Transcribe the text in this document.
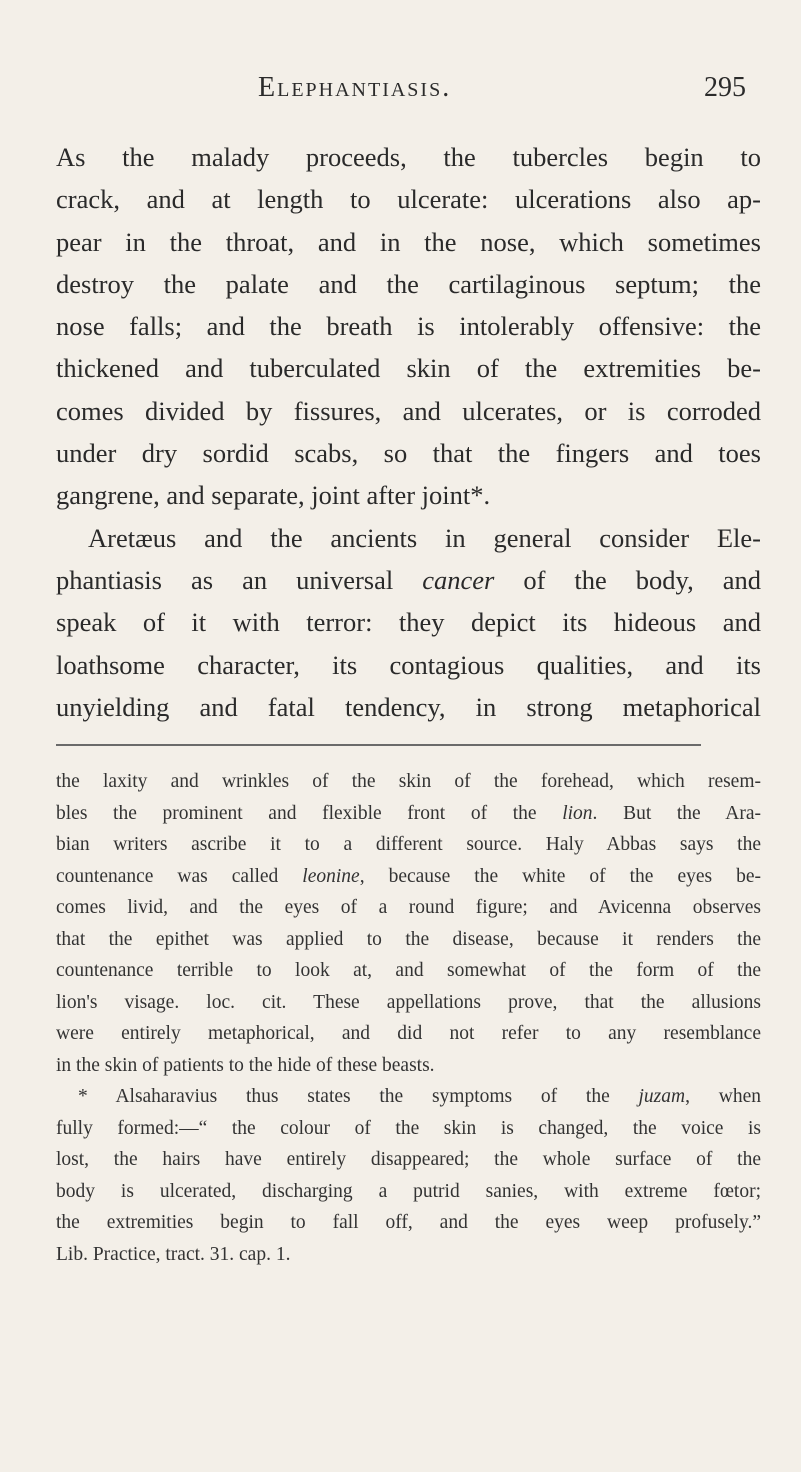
Elephantiasis.	295
As the malady proceeds, the tubercles begin to
crack, and at length to ulcerate: ulcerations also ap-
pear in the throat, and in the nose, which sometimes
destroy the palate and the cartilaginous septum; the
nose falls; and the breath is intolerably offensive: the
thickened and tuberculated skin of the extremities be-
comes divided by fissures, and ulcerates, or is corroded
under dry sordid scabs, so that the fingers and toes
gangrene, and separate, joint after joint*.
Aretæus and the ancients in general consider Ele-
phantiasis as an universal cancer of the body, and
speak of it with terror: they depict its hideous and
loathsome character, its contagious qualities, and its
unyielding and fatal tendency, in strong metaphorical
the laxity and wrinkles of the skin of the forehead, which resem-
bles the prominent and flexible front of the lion. But the Ara-
bian writers ascribe it to a different source. Haly Abbas says the
countenance was called leonine, because the white of the eyes be-
comes livid, and the eyes of a round figure; and Avicenna observes
that the epithet was applied to the disease, because it renders the
countenance terrible to look at, and somewhat of the form of the
lion's visage. loc. cit. These appellations prove, that the allusions
were entirely metaphorical, and did not refer to any resemblance
in the skin of patients to the hide of these beasts.
* Alsaharavius thus states the symptoms of the juzam, when
fully formed:—“ the colour of the skin is changed, the voice is
lost, the hairs have entirely disappeared; the whole surface of the
body is ulcerated, discharging a putrid sanies, with extreme fœtor;
the extremities begin to fall off, and the eyes weep profusely.”
Lib. Practice, tract. 31. cap. 1.
